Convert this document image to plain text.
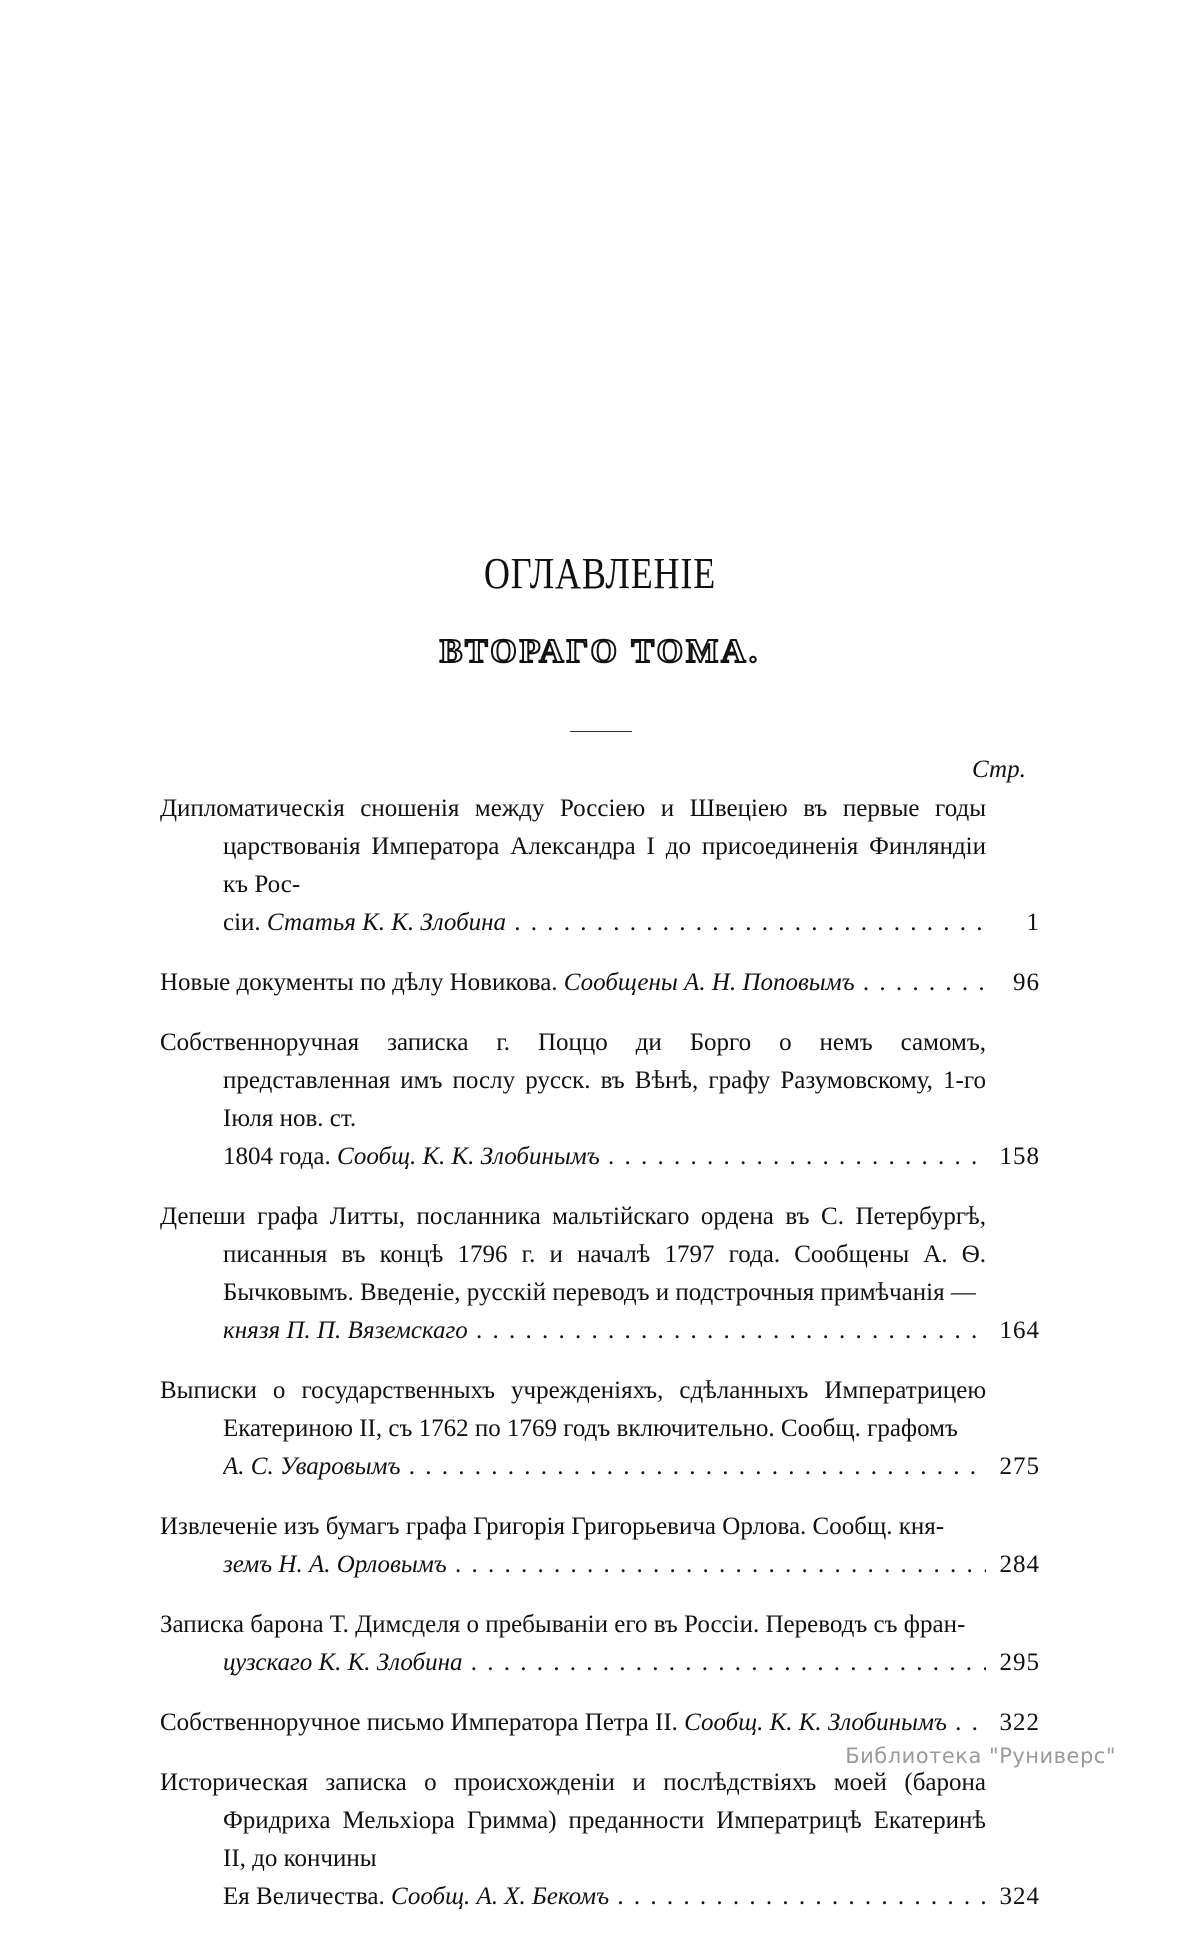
ОГЛАВЛЕНІЕ
ВТОРАГО ТОМА.
Стр.
Дипломатическія сношенія между Россіею и Швеціею въ первые годы царствованія Императора Александра I до присоединенія Финляндіи къ Рос-
сіи. Статья К. К. Злобина . . .	1
Новые документы по дѣлу Новикова. Сообщены А. Н. Поповымъ . . .	96
Собственноручная записка г. Поццо ди Борго о немъ самомъ, представленная имъ послу русск. въ Вѣнѣ, графу Разумовскому, 1-го Іюля нов. ст.
1804 года. Сообщ. К. К. Злобинымъ . . .	158
Депеши графа Литты, посланника мальтійскаго ордена въ С. Петербургѣ, писанныя въ концѣ 1796 г. и началѣ 1797 года. Сообщены А. Ѳ. Бычковымъ. Введеніе, русскій переводъ и подстрочныя примѣчанія —
князя П. П. Вяземскаго . . .	164
Выписки о государственныхъ учрежденіяхъ, сдѣланныхъ Императрицею Екатериною II, съ 1762 по 1769 годъ включительно. Сообщ. графомъ
А. С. Уваровымъ . . .	275
Извлеченіе изъ бумагъ графа Григорія Григорьевича Орлова. Сообщ. кня-
земъ Н. А. Орловымъ . . .	284
Записка барона Т. Димсделя о пребываніи его въ Россіи. Переводъ съ фран-
цузскаго К. К. Злобина . . .	295
Собственноручное письмо Императора Петра II. Сообщ. К. К. Злобинымъ . . .	322
Историческая записка о происхожденіи и послѣдствіяхъ моей (барона Фридриха Мельхіора Гримма) преданности Императрицѣ Екатеринѣ II, до кончины
Ея Величества. Сообщ. А. Х. Бекомъ . . .	324
Библиотека "Руниверс"
